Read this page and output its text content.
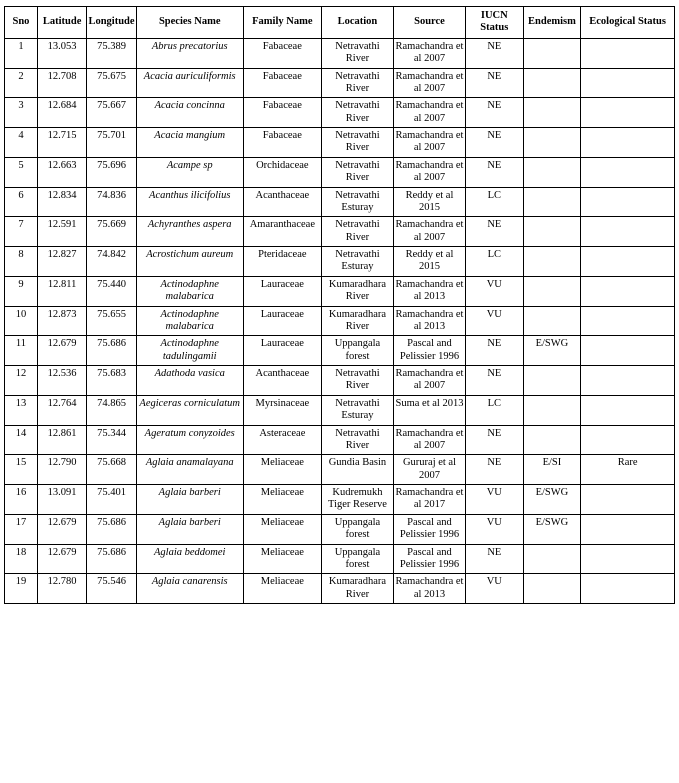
Sno	Latitude	Longitude	Species Name	Family Name	Location	Source	IUCN Status	Endemism	Ecological Status
1	13.053	75.389	Abrus precatorius	Fabaceae	Netravathi River	Ramachandra et al 2007	NE		
2	12.708	75.675	Acacia auriculiformis	Fabaceae	Netravathi River	Ramachandra et al 2007	NE		
3	12.684	75.667	Acacia concinna	Fabaceae	Netravathi River	Ramachandra et al 2007	NE		
4	12.715	75.701	Acacia mangium	Fabaceae	Netravathi River	Ramachandra et al 2007	NE		
5	12.663	75.696	Acampe sp	Orchidaceae	Netravathi River	Ramachandra et al 2007	NE		
6	12.834	74.836	Acanthus ilicifolius	Acanthaceae	Netravathi Esturay	Reddy et al 2015	LC		
7	12.591	75.669	Achyranthes aspera	Amaranthaceae	Netravathi River	Ramachandra et al 2007	NE		
8	12.827	74.842	Acrostichum aureum	Pteridaceae	Netravathi Esturay	Reddy et al 2015	LC		
9	12.811	75.440	Actinodaphne malabarica	Lauraceae	Kumaradhara River	Ramachandra et al 2013	VU		
10	12.873	75.655	Actinodaphne malabarica	Lauraceae	Kumaradhara River	Ramachandra et al 2013	VU		
11	12.679	75.686	Actinodaphne tadulingamii	Lauraceae	Uppangala forest	Pascal and Pelissier 1996	NE	E/SWG	
12	12.536	75.683	Adathoda vasica	Acanthaceae	Netravathi River	Ramachandra et al 2007	NE		
13	12.764	74.865	Aegiceras corniculatum	Myrsinaceae	Netravathi Esturay	Suma et al 2013	LC		
14	12.861	75.344	Ageratum conyzoides	Asteraceae	Netravathi River	Ramachandra et al 2007	NE		
15	12.790	75.668	Aglaia anamalayana	Meliaceae	Gundia Basin	Gururaj et al 2007	NE	E/SI	Rare
16	13.091	75.401	Aglaia barberi	Meliaceae	Kudremukh Tiger Reserve	Ramachandra et al 2017	VU	E/SWG	
17	12.679	75.686	Aglaia barberi	Meliaceae	Uppangala forest	Pascal and Pelissier 1996	VU	E/SWG	
18	12.679	75.686	Aglaia beddomei	Meliaceae	Uppangala forest	Pascal and Pelissier 1996	NE		
19	12.780	75.546	Aglaia canarensis	Meliaceae	Kumaradhara River	Ramachandra et al 2013	VU		
